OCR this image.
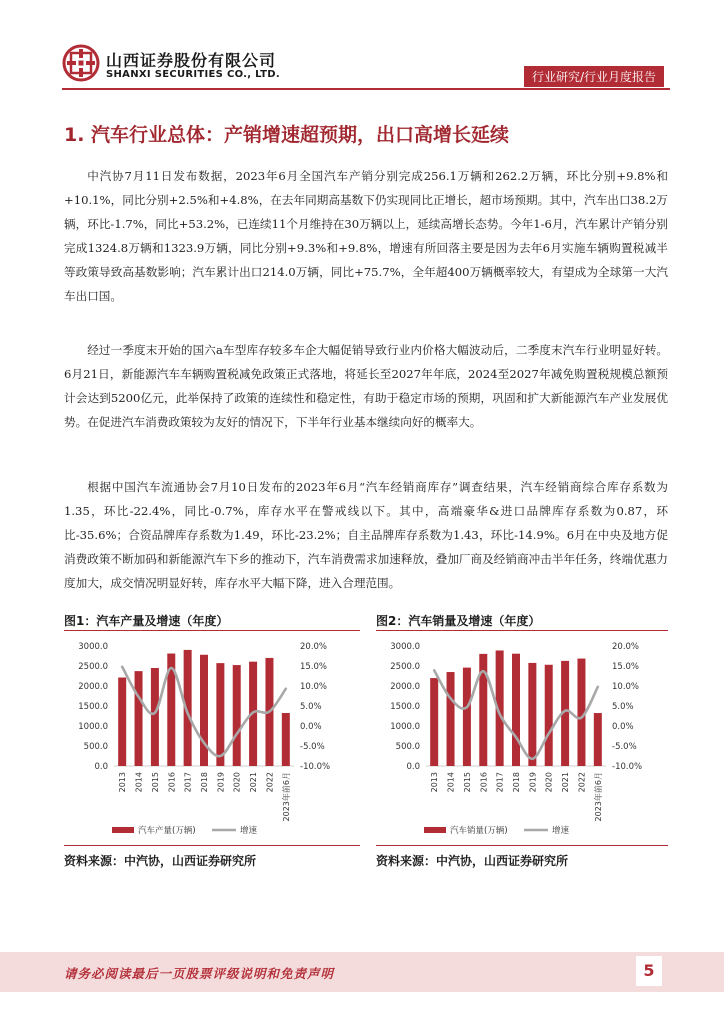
山西证券股份有限公司
SHANXI SECURITIES CO., LTD.	行业研究/行业月度报告
1. 汽车行业总体：产销增速超预期，出口高增长延续

中汽协7月11日发布数据，2023年6月全国汽车产销分别完成256.1万辆和262.2万辆，环比分别+9.8%和+10.1%，同比分别+2.5%和+4.8%，在去年同期高基数下仍实现同比正增长，超市场预期。其中，汽车出口38.2万辆，环比-1.7%，同比+53.2%，已连续11个月维持在30万辆以上，延续高增长态势。今年1-6月，汽车累计产销分别完成1324.8万辆和1323.9万辆，同比分别+9.3%和+9.8%，增速有所回落主要是因为去年6月实施车辆购置税减半等政策导致高基数影响；汽车累计出口214.0万辆，同比+75.7%，全年超400万辆概率较大，有望成为全球第一大汽车出口国。

经过一季度末开始的国六a车型库存较多车企大幅促销导致行业内价格大幅波动后，二季度末汽车行业明显好转。6月21日，新能源汽车车辆购置税减免政策正式落地，将延长至2027年年底，2024至2027年减免购置税规模总额预计会达到5200亿元，此举保持了政策的连续性和稳定性，有助于稳定市场的预期，巩固和扩大新能源汽车产业发展优势。在促进汽车消费政策较为友好的情况下，下半年行业基本继续向好的概率大。

根据中国汽车流通协会7月10日发布的2023年6月“汽车经销商库存”调查结果，汽车经销商综合库存系数为1.35，环比-22.4%，同比-0.7%，库存水平在警戒线以下。其中，高端豪华&进口品牌库存系数为0.87，环比-35.6%；合资品牌库存系数为1.49，环比-23.2%；自主品牌库存系数为1.43，环比-14.9%。6月在中央及地方促消费政策不断加码和新能源汽车下乡的推动下，汽车消费需求加速释放，叠加厂商及经销商冲击半年任务，终端优惠力度加大，成交情况明显好转，库存水平大幅下降，进入合理范围。

图1：汽车产量及增速（年度）
0.0
500.0
1000.0
1500.0
2000.0
2500.0
3000.0
-10.0%
-5.0%
0.0%
5.0%
10.0%
15.0%
20.0%
2013 2014 2015 2016 2017 2018 2019 2020 2021 2022 2023年前6月
汽车产量(万辆)	增速
资料来源：中汽协，山西证券研究所
图2：汽车销量及增速（年度）
0.0
500.0
1000.0
1500.0
2000.0
2500.0
3000.0
-10.0%
-5.0%
0.0%
5.0%
10.0%
15.0%
20.0%
2013 2014 2015 2016 2017 2018 2019 2020 2021 2022 2023年前6月
汽车销量(万辆)	增速
资料来源：中汽协，山西证券研究所
请务必阅读最后一页股票评级说明和免责声明	5
